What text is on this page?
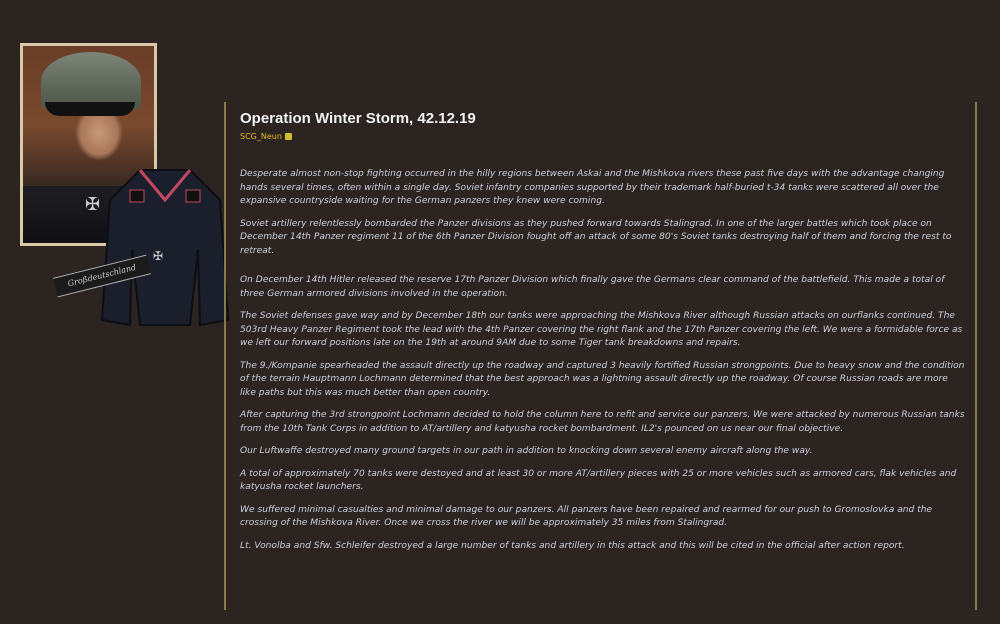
✠
✠
Großdeutschland
Operation Winter Storm, 42.12.19
SCG_Neun

Desperate almost non-stop fighting occurred in the hilly regions between Askai and the Mishkova rivers these past five days with the advantage changing hands several times, often within a single day. Soviet infantry companies supported by their trademark half-buried t-34 tanks were scattered all over the expansive countryside waiting for the German panzers they knew were coming.

Soviet artillery relentlessly bombarded the Panzer divisions as they pushed forward towards Stalingrad. In one of the larger battles which took place on December 14th Panzer regiment 11 of the 6th Panzer Division fought off an attack of some 80's Soviet tanks destroying half of them and forcing the rest to retreat.

On December 14th Hitler released the reserve 17th Panzer Division which finally gave the Germans clear command of the battlefield. This made a total of three German armored divisions involved in the operation.

The Soviet defenses gave way and by December 18th our tanks were approaching the Mishkova River although Russian attacks on ourflanks continued. The 503rd Heavy Panzer Regiment took the lead with the 4th Panzer covering the right flank and the 17th Panzer covering the left. We were a formidable force as we left our forward positions late on the 19th at around 9AM due to some Tiger tank breakdowns and repairs.

The 9./Kompanie spearheaded the assault directly up the roadway and captured 3 heavily fortified Russian strongpoints. Due to heavy snow and the condition of the terrain Hauptmann Lochmann determined that the best approach was a lightning assault directly up the roadway. Of course Russian roads are more like paths but this was much better than open country.

After capturing the 3rd strongpoint Lochmann decided to hold the column here to refit and service our panzers. We were attacked by numerous Russian tanks from the 10th Tank Corps in addition to AT/artillery and katyusha rocket bombardment. IL2's pounced on us near our final objective.

Our Luftwaffe destroyed many ground targets in our path in addition to knocking down several enemy aircraft along the way.

A total of approximately 70 tanks were destoyed and at least 30 or more AT/artillery pieces with 25 or more vehicles such as armored cars, flak vehicles and katyusha rocket launchers.

We suffered minimal casualties and minimal damage to our panzers. All panzers have been repaired and rearmed for our push to Gromoslovka and the crossing of the Mishkova River. Once we cross the river we will be approximately 35 miles from Stalingrad.

Lt. Vonolba and Sfw. Schleifer destroyed a large number of tanks and artillery in this attack and this will be cited in the official after action report.
